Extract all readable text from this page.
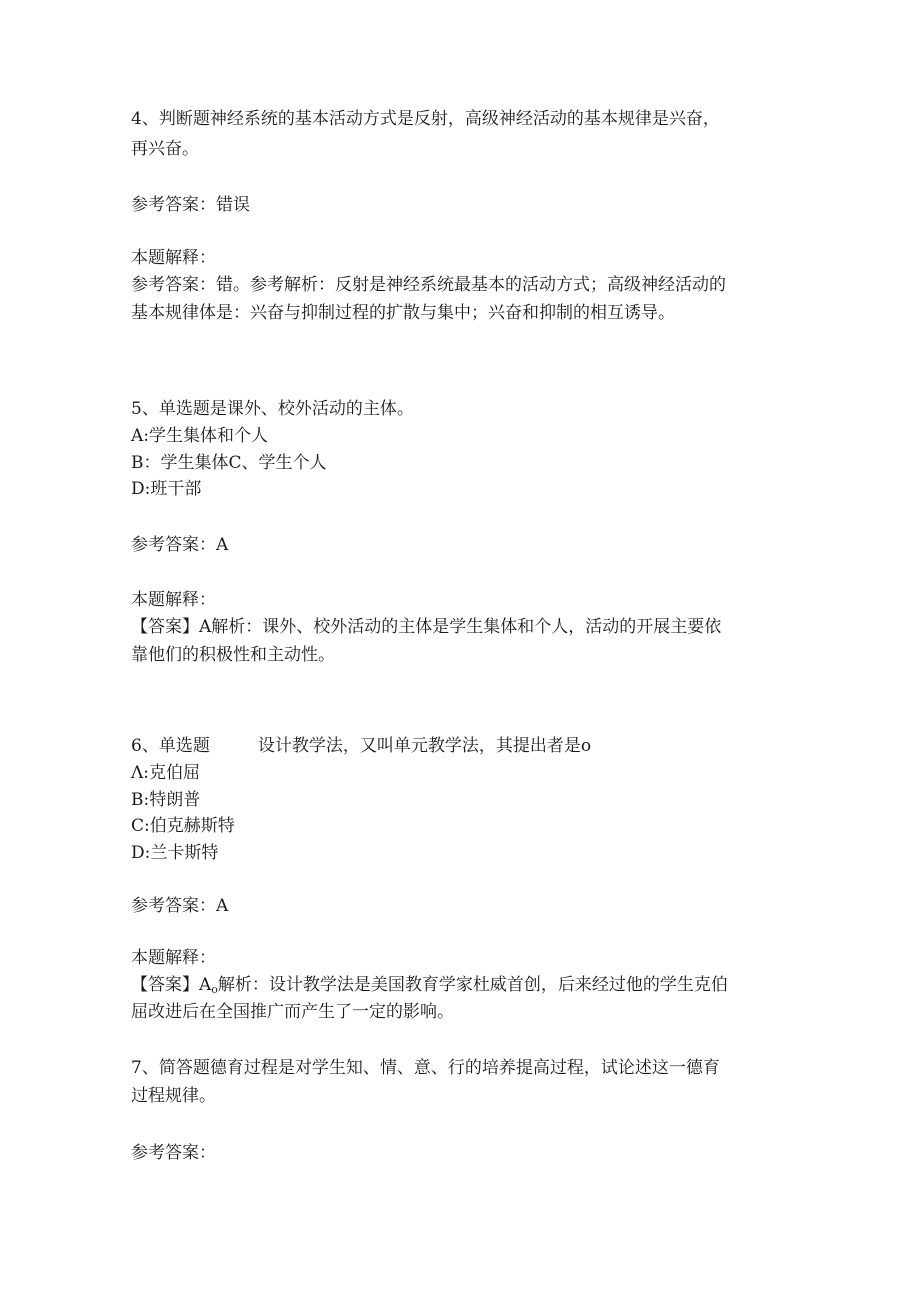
4、判断题神经系统的基本活动方式是反射，高级神经活动的基本规律是兴奋，
再兴奋。
参考答案：错误
本题解释：
参考答案：错。参考解析：反射是神经系统最基本的活动方式；高级神经活动的
基本规律体是：兴奋与抑制过程的扩散与集中；兴奋和抑制的相互诱导。
5、单选题是课外、校外活动的主体。
A:学生集体和个人
B：学生集体C、学生个人
D:班干部
参考答案：A
本题解释：
【答案】A解析：课外、校外活动的主体是学生集体和个人，活动的开展主要依
靠他们的积极性和主动性。
6、单选题	设计教学法，又叫单元教学法，其提出者是o
Λ:克伯屈
B:特朗普
C:伯克赫斯特
D:兰卡斯特
参考答案：A
本题解释：
【答案】$A_o$解析：设计教学法是美国教育学家杜威首创，后来经过他的学生克伯
屈改进后在全国推广而产生了一定的影响。
7、简答题德育过程是对学生知、情、意、行的培养提高过程，试论述这一德育
过程规律。
参考答案：
